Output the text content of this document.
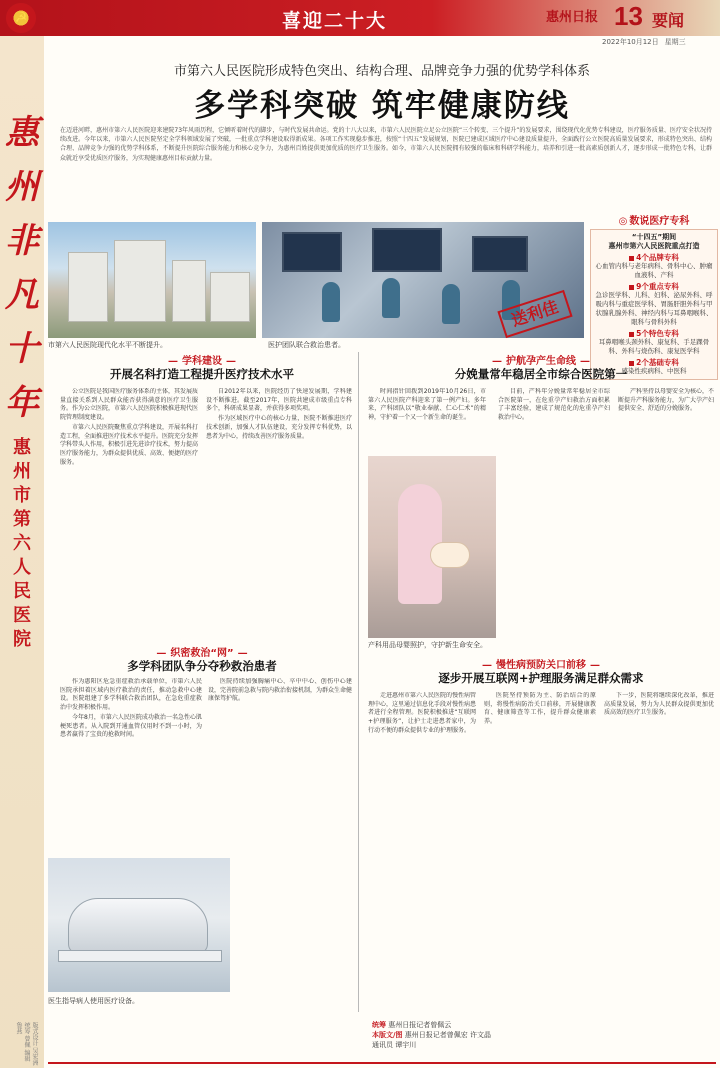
☭	喜迎二十大	惠州日报 13 要闻
2022年10月12日 星期三
惠州非凡十年
惠州市第六人民医院
版式设计 吴宏洲 统筹 曾佩 编辑 鲁燕
市第六人民医院形成特色突出、结构合理、品牌竞争力强的优势学科体系
多学科突破 筑牢健康防线
在迈进河畔，惠州市第六人民医院迎来建院73年风雨历程，它倾听着时代的脚步，与时代发展共命运。党的十八大以来，市第六人民医院立足公立医院“三个转变、三个提升”的发展要求，围绕现代化优势专科建设，医疗服务质量、医疗安全状况持续改进。今年以来，市第六人民医院坚定全学科领域发展了突破，一批重点学科建设取得新成果。各项工作实现稳步推进，按照“十四五”发展规划，医院已建成区域医疗中心建设质量提升，全面践行公立医院高质量发展要求，形成特色突出、结构合理、品牌竞争力强的优势学科体系，不断提升医院综合服务能力和核心竞争力，为惠州百姓提供更加优质的医疗卫生服务。如今，市第六人民医院拥有较强的临床和科研学科能力，培养和引进一批高素质创新人才，逐步形成一批特色专科，让群众就近享受优质医疗服务，为实现健康惠州目标贡献力量。
市第六人民医院现代化水平不断提升。	医护团队联合救治患者。
送利佳
◎ 数说医疗专科
“十四五”期间
惠州市第六人民医院重点打造
4个品牌专科
心血管内科与老年病科、骨科中心、肿瘤血液科、产科
9个重点专科
急诊医学科、儿科、妇科、泌尿外科、呼吸内科与重症医学科、胃肠肝胆外科与甲状腺乳腺外科、神经内科与耳鼻咽喉科、眼科与骨科外科
5个特色专科
耳鼻咽喉头颈外科、康复科、手足踝骨科、外科与烧伤科、康复医学科
2个基础专科
感染性疾病科、中医科
— 学科建设 —
开展名科打造工程提升医疗技术水平

公立医院是我国医疗服务体系的主体，其发展质量直接关系到人民群众能否获得满意的医疗卫生服务。作为公立医院，市第六人民医院积极推进现代医院管理制度建设。

市第六人民医院聚焦重点学科建设，开展名科打造工程，全面推进医疗技术水平提升。医院充分发挥学科带头人作用，积极引进先进诊疗技术，努力提高医疗服务能力，为群众提供优质、高效、便捷的医疗服务。

自2012年以来，医院经历了快速发展期，学科建设不断推进。截至2017年，医院共建成市级重点专科多个，科研成果显著，并获得多项奖项。

作为区域医疗中心的核心力量，医院不断推进医疗技术创新，加强人才队伍建设，充分发挥专科优势，以患者为中心，持续改善医疗服务质量。

— 织密救治“网” —
多学科团队争分夺秒救治患者

作为惠阳区危急重症救治承载单位，市第六人民医院承担着区域内医疗救治的责任，推动急救中心建设。医院组建了多学科联合救治团队，在急危重症救治中发挥积极作用。

今年8月，市第六人民医院成功救治一名急性心肌梗死患者。从入院到开通血管仅用时不到一小时，为患者赢得了宝贵的抢救时间。

医院持续加强胸痛中心、卒中中心、创伤中心建设，完善院前急救与院内救治衔接机制，为群众生命健康保驾护航。

医生指导病人使用医疗设备。
— 护航孕产生命线 —
分娩量常年稳居全市综合医院第一

时间指针回拨到2019年10月26日，市第六人民医院产科迎来了第一例产妇。多年来，产科团队以“敬业奉献、仁心仁术”的精神，守护着一个又一个新生命的诞生。

目前，产科年分娩量常年稳居全市综合医院第一，在危重孕产妇救治方面积累了丰富经验，建成了规范化的危重孕产妇救治中心。

产科坚持以母婴安全为核心，不断提升产科服务能力，为广大孕产妇提供安全、舒适的分娩服务。

产科用品母婴照护，守护新生命安全。
— 慢性病预防关口前移 —
逐步开展互联网+护理服务满足群众需求

走进惠州市第六人民医院的慢性病管理中心，这里通过信息化手段对慢性病患者进行全程管理。医院积极推进“互联网+护理服务”，让护士走进患者家中，为行动不便的群众提供专业的护理服务。

医院坚持预防为主、防治结合的原则，将慢性病防治关口前移，开展健康教育、健康筛查等工作，提升群众健康素养。

下一步，医院将继续深化改革，推进高质量发展，努力为人民群众提供更加优质高效的医疗卫生服务。

统筹 惠州日报记者曾佩云
本版文/图 惠州日报记者曾佩宏 许文晶
通讯员 谭宇川
